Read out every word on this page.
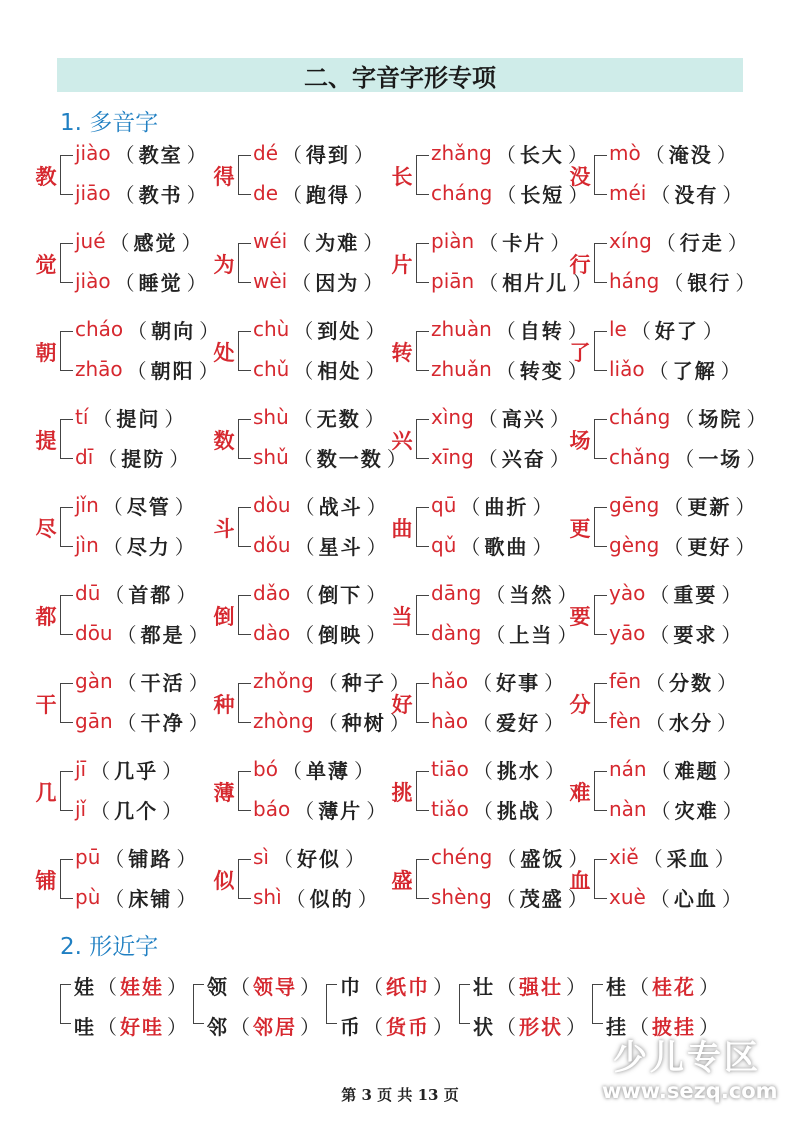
二、字音字形专项
1. 多音字
教
jiào （ 教室 ）
jiāo （ 教书 ）
得
dé （ 得到 ）
de （ 跑得 ）
长
zhǎng （ 长大 ）
cháng （ 长短 ）
没
mò （ 淹没 ）
méi （ 没有 ）
觉
jué （ 感觉 ）
jiào （ 睡觉 ）
为
wéi （ 为难 ）
wèi （ 因为 ）
片
piàn （ 卡片 ）
piān （ 相片儿 ）
行
xíng （ 行走 ）
háng （ 银行 ）
朝
cháo （ 朝向 ）
zhāo （ 朝阳 ）
处
chù （ 到处 ）
chǔ （ 相处 ）
转
zhuàn （ 自转 ）
zhuǎn （ 转变 ）
了
le （ 好了 ）
liǎo （ 了解 ）
提
tí （ 提问 ）
dī （ 提防 ）
数
shù （ 无数 ）
shǔ （ 数一数 ）
兴
xìng （ 高兴 ）
xīng （ 兴奋 ）
场
cháng （ 场院 ）
chǎng （ 一场 ）
尽
jǐn （ 尽管 ）
jìn （ 尽力 ）
斗
dòu （ 战斗 ）
dǒu （ 星斗 ）
曲
qū （ 曲折 ）
qǔ （ 歌曲 ）
更
gēng （ 更新 ）
gèng （ 更好 ）
都
dū （ 首都 ）
dōu （ 都是 ）
倒
dǎo （ 倒下 ）
dào （ 倒映 ）
当
dāng （ 当然 ）
dàng （ 上当 ）
要
yào （ 重要 ）
yāo （ 要求 ）
干
gàn （ 干活 ）
gān （ 干净 ）
种
zhǒng （ 种子 ）
zhòng （ 种树 ）
好
hǎo （ 好事 ）
hào （ 爱好 ）
分
fēn （ 分数 ）
fèn （ 水分 ）
几
jī （ 几乎 ）
jǐ （ 几个 ）
薄
bó （ 单薄 ）
báo （ 薄片 ）
挑
tiāo （ 挑水 ）
tiǎo （ 挑战 ）
难
nán （ 难题 ）
nàn （ 灾难 ）
铺
pū （ 铺路 ）
pù （ 床铺 ）
似
sì （ 好似 ）
shì （ 似的 ）
盛
chéng （ 盛饭 ）
shèng （ 茂盛 ）
血
xiě （ 采血 ）
xuè （ 心血 ）
2. 形近字
娃 （ 娃娃 ）
哇 （ 好哇 ）
领 （ 领导 ）
邻 （ 邻居 ）
巾 （ 纸巾 ）
币 （ 货币 ）
壮 （ 强壮 ）
状 （ 形状 ）
桂 （ 桂花 ）
挂 （ 披挂 ）
第 3 页 共 13 页
少儿专区
www.sezq.com
